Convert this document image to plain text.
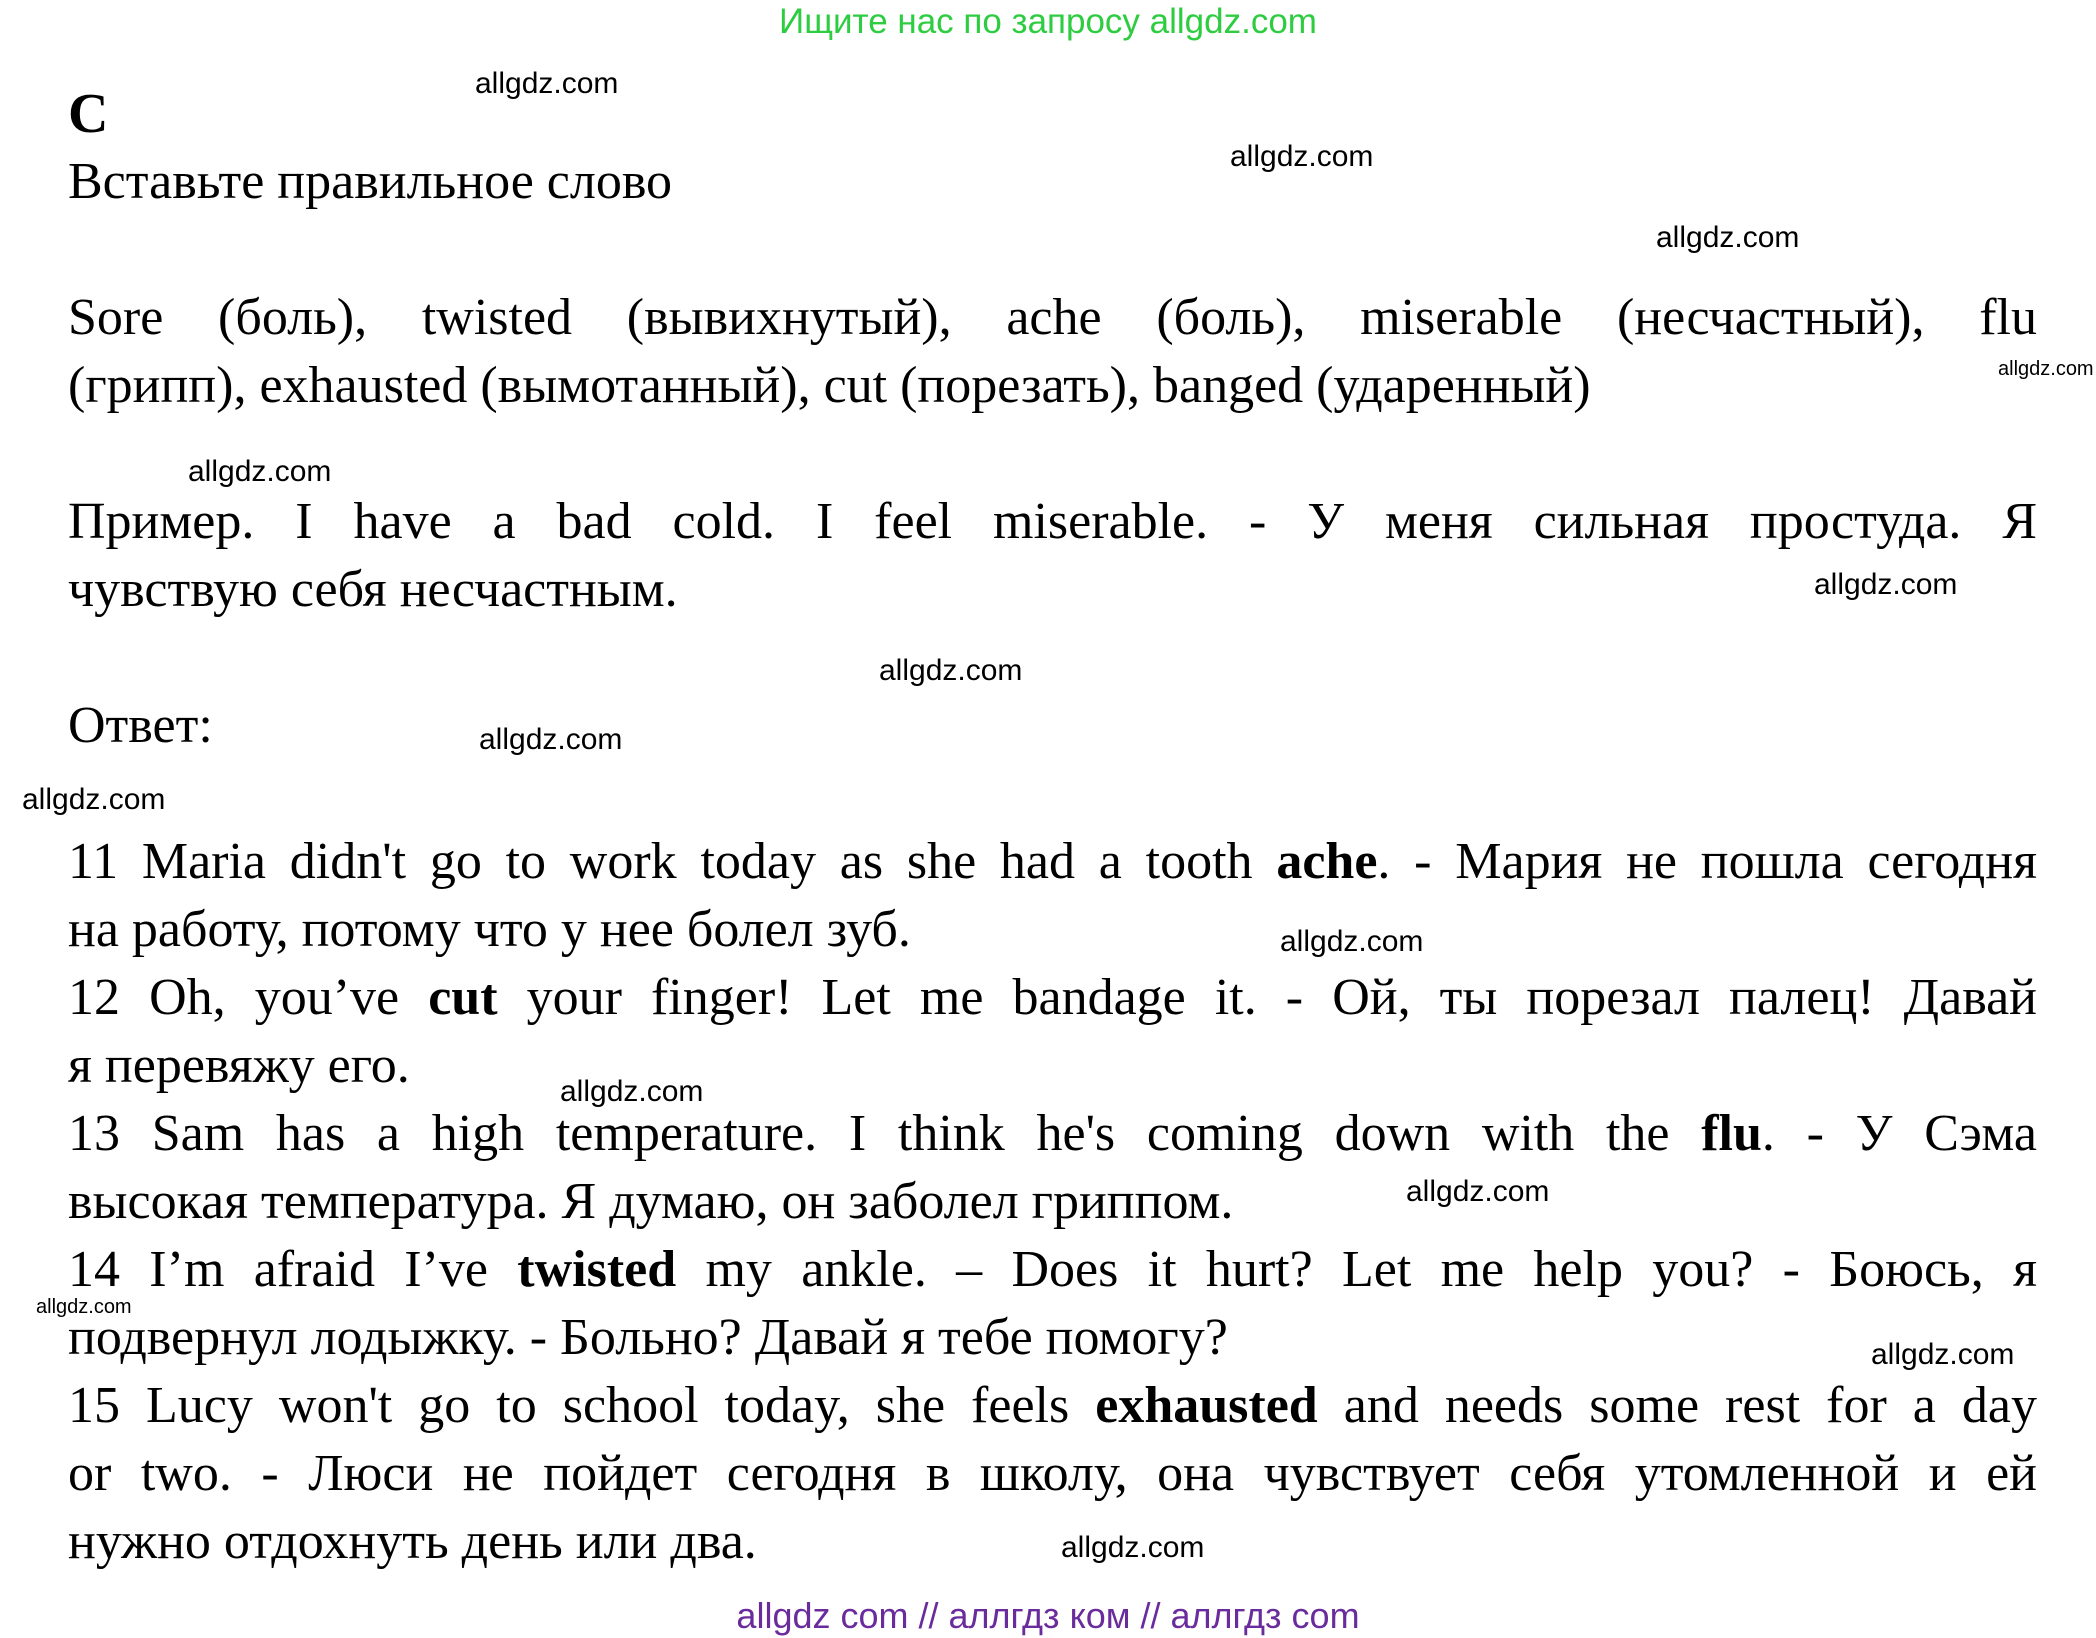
Ищите нас по запросу allgdz.com
C
Вставьте правильное слово
Sore (боль), twisted (вывихнутый), ache (боль), miserable (несчастный), flu
(грипп), exhausted (вымотанный), cut (порезать), banged (ударенный)
Пример. I have a bad cold. I feel miserable. - У меня сильная простуда. Я
чувствую себя несчастным.
Ответ:
11 Maria didn't go to work today as she had a tooth ache. - Мария не пошла сегодня
на работу, потому что у нее болел зуб.
12 Oh, you’ve cut your finger! Let me bandage it. - Ой, ты порезал палец! Давай
я перевяжу его.
13 Sam has a high temperature. I think he's coming down with the flu. - У Сэма
высокая температура. Я думаю, он заболел гриппом.
14 I’m afraid I’ve twisted my ankle. – Does it hurt? Let me help you? - Боюсь, я
подвернул лодыжку. - Больно? Давай я тебе помогу?
15 Lucy won't go to school today, she feels exhausted and needs some rest for a day
or two. - Люси не пойдет сегодня в школу, она чувствует себя утомленной и ей
нужно отдохнуть день или два.
allgdz.com
allgdz.com
allgdz.com
allgdz.com
allgdz.com
allgdz.com
allgdz.com
allgdz.com
allgdz.com
allgdz.com
allgdz.com
allgdz.com
allgdz.com
allgdz.com
allgdz.com
allgdz com // аллгдз ком // аллгдз com
